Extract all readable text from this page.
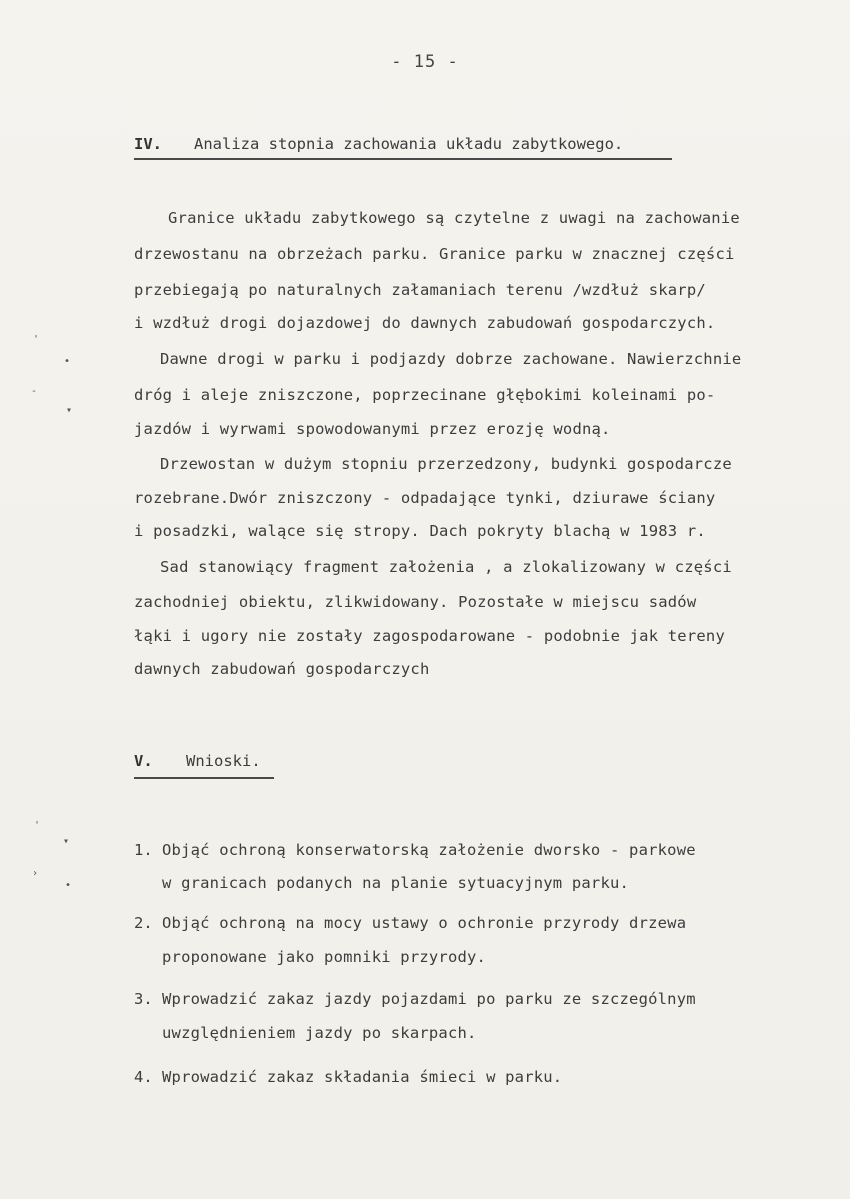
- 15 -
IV. Analiza stopnia zachowania układu zabytkowego.
Granice układu zabytkowego są czytelne z uwagi na zachowanie
drzewostanu na obrzeżach parku. Granice parku w znacznej części
przebiegają po naturalnych załamaniach terenu /wzdłuż skarp/
i wzdłuż drogi dojazdowej do dawnych zabudowań gospodarczych.
Dawne drogi w parku i podjazdy dobrze zachowane. Nawierzchnie
dróg i aleje zniszczone, poprzecinane głębokimi koleinami po-
jazdów i wyrwami spowodowanymi przez erozję wodną.
Drzewostan w dużym stopniu przerzedzony, budynki gospodarcze
rozebrane.Dwór zniszczony - odpadające tynki, dziurawe ściany
i posadzki, walące się stropy. Dach pokryty blachą w 1983 r.
Sad stanowiący fragment założenia , a zlokalizowany w części
zachodniej obiektu, zlikwidowany. Pozostałe w miejscu sadów
łąki i ugory nie zostały zagospodarowane - podobnie jak tereny
dawnych zabudowań gospodarczych
V. Wnioski.
1. Objąć ochroną konserwatorską założenie dworsko - parkowe
w granicach podanych na planie sytuacyjnym parku.
2. Objąć ochroną na mocy ustawy o ochronie przyrody drzewa
proponowane jako pomniki przyrody.
3. Wprowadzić zakaz jazdy pojazdami po parku ze szczególnym
uwzględnieniem jazdy po skarpach.
4. Wprowadzić zakaz składania śmieci w parku.
'
•
-
▾
'
▾
›
•
